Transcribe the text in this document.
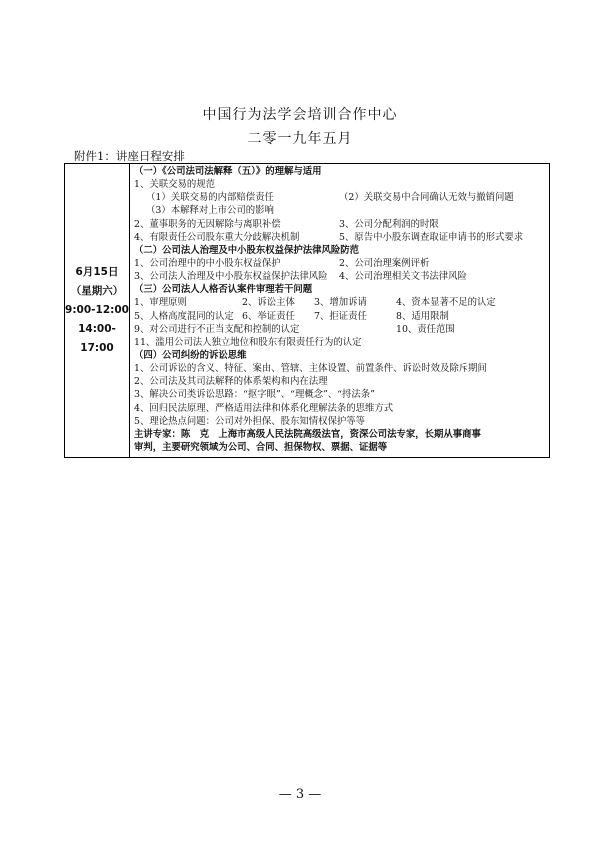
中国行为法学会培训合作中心
二零一九年五月
附件1：讲座日程安排
6月15日
（星期六）
9:00-12:00
14:00-17:00

（一）《公司法司法解释（五）》的理解与适用
1、关联交易的规范
（1）关联交易的内部赔偿责任	（2）关联交易中合同确认无效与撤销问题
（3）本解释对上市公司的影响
2、董事职务的无因解除与离职补偿	3、公司分配利润的时限
4、有限责任公司股东重大分歧解决机制	5、原告中小股东调查取证申请书的形式要求
（二）公司法人治理及中小股东权益保护法律风险防范
1、公司治理中的中小股东权益保护	2、公司治理案例评析
3、公司法人治理及中小股东权益保护法律风险 4、公司治理相关文书法律风险
（三）公司法人人格否认案件审理若干问题
1、审理原则	2、诉讼主体 3、增加诉请	4、资本显著不足的认定
5、人格高度混同的认定 6、举证责任 7、拒证责任	8、适用限制
9、对公司进行不正当支配和控制的认定	10、责任范围
11、滥用公司法人独立地位和股东有限责任行为的认定
（四）公司纠纷的诉讼思维
1、公司诉讼的含义、特征、案由、管辖、主体设置、前置条件、诉讼时效及除斥期间
2、公司法及其司法解释的体系架构和内在法理
3、解决公司类诉讼思路：“抠字眼”、“理概念”、“捋法条”
4、回归民法原理、严格适用法律和体系化理解法条的思维方式
5、理论热点问题：公司对外担保、股东知情权保护等等
主讲专家：陈　克　上海市高级人民法院高级法官，资深公司法专家，长期从事商事
审判，主要研究领域为公司、合同、担保物权、票据、证据等
— 3 —
